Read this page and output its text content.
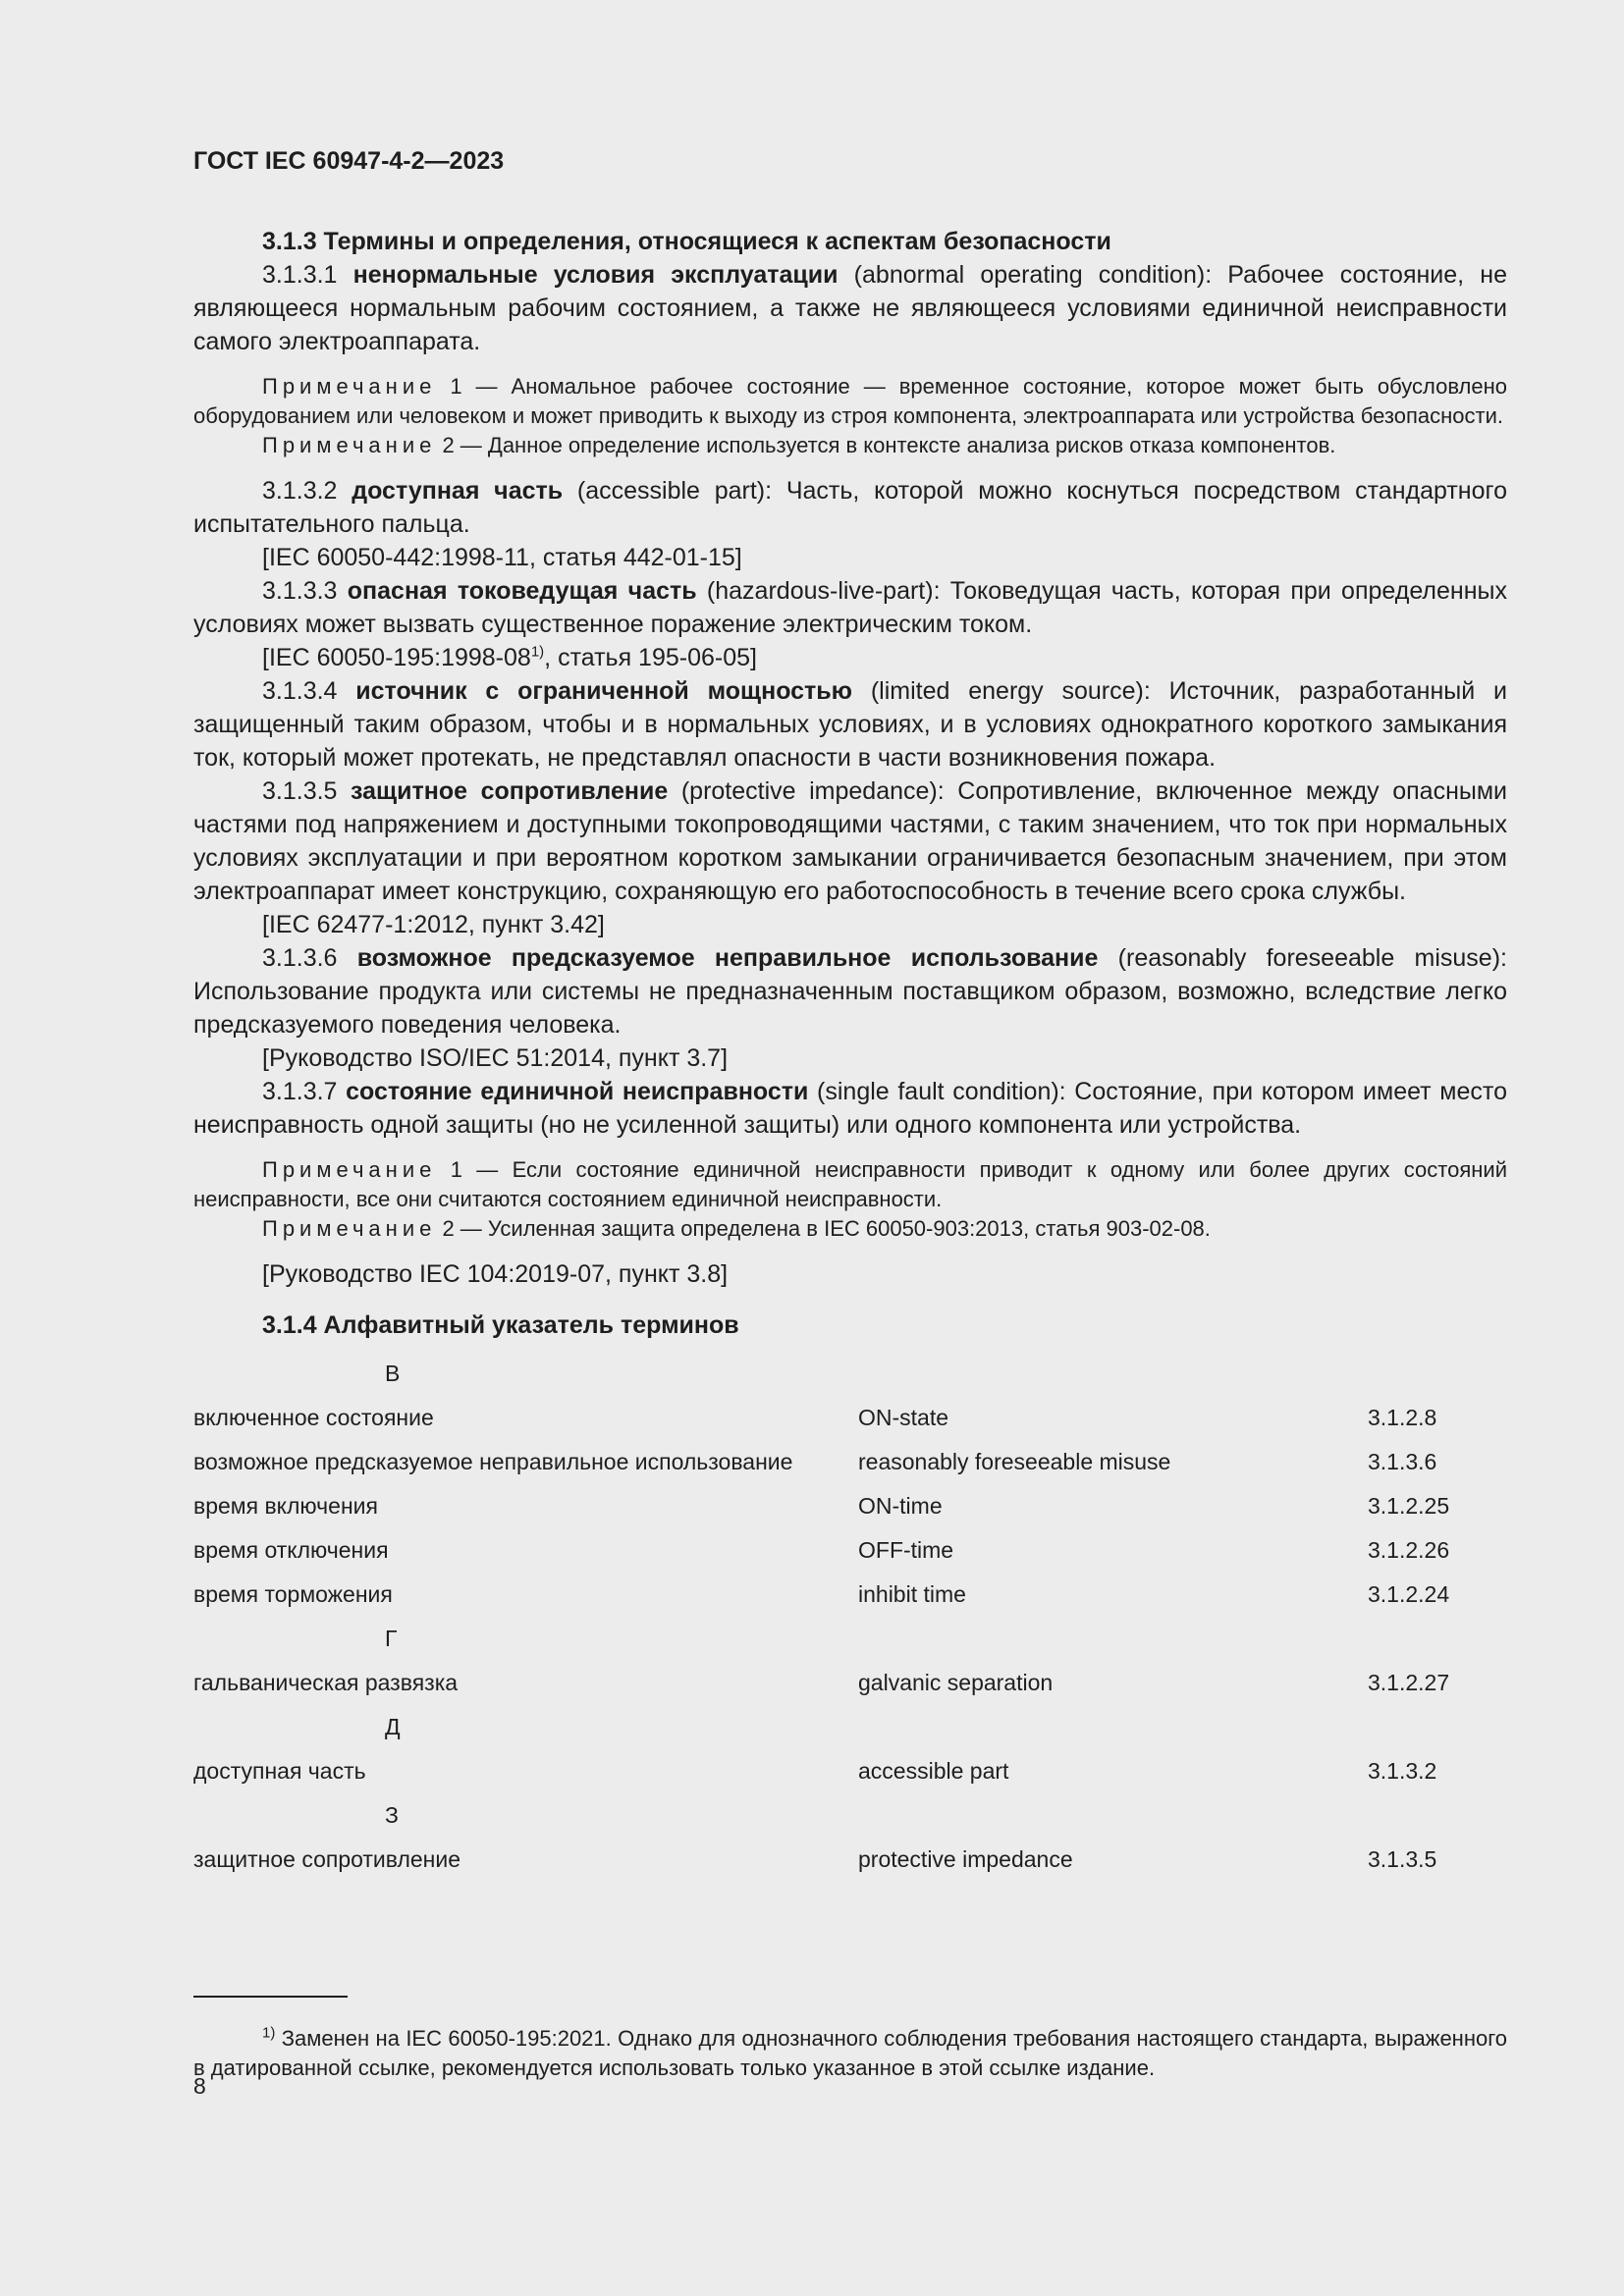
ГОСТ IEC 60947-4-2—2023
3.1.3 Термины и определения, относящиеся к аспектам безопасности

3.1.3.1 ненормальные условия эксплуатации (abnormal operating condition): Рабочее состояние, не являющееся нормальным рабочим состоянием, а также не являющееся условиями единичной неисправности самого электроаппарата.

Примечание 1 — Аномальное рабочее состояние — временное состояние, которое может быть обусловлено оборудованием или человеком и может приводить к выходу из строя компонента, электроаппарата или устройства безопасности.

Примечание 2 — Данное определение используется в контексте анализа рисков отказа компонентов.

3.1.3.2 доступная часть (accessible part): Часть, которой можно коснуться посредством стандартного испытательного пальца.

[IEC 60050-442:1998-11, статья 442-01-15]

3.1.3.3 опасная токоведущая часть (hazardous-live-part): Токоведущая часть, которая при определенных условиях может вызвать существенное поражение электрическим током.

[IEC 60050-195:1998-08$^{1)}$, статья 195-06-05]

3.1.3.4 источник с ограниченной мощностью (limited energy source): Источник, разработанный и защищенный таким образом, чтобы и в нормальных условиях, и в условиях однократного короткого замыкания ток, который может протекать, не представлял опасности в части возникновения пожара.

3.1.3.5 защитное сопротивление (protective impedance): Сопротивление, включенное между опасными частями под напряжением и доступными токопроводящими частями, с таким значением, что ток при нормальных условиях эксплуатации и при вероятном коротком замыкании ограничивается безопасным значением, при этом электроаппарат имеет конструкцию, сохраняющую его работоспособность в течение всего срока службы.

[IEC 62477-1:2012, пункт 3.42]

3.1.3.6 возможное предсказуемое неправильное использование (reasonably foreseeable misuse): Использование продукта или системы не предназначенным поставщиком образом, возможно, вследствие легко предсказуемого поведения человека.

[Руководство ISO/IEC 51:2014, пункт 3.7]

3.1.3.7 состояние единичной неисправности (single fault condition): Состояние, при котором имеет место неисправность одной защиты (но не усиленной защиты) или одного компонента или устройства.

Примечание 1 — Если состояние единичной неисправности приводит к одному или более других состояний неисправности, все они считаются состоянием единичной неисправности.

Примечание 2 — Усиленная защита определена в IEC 60050-903:2013, статья 903-02-08.

[Руководство IEC 104:2019-07, пункт 3.8]

3.1.4 Алфавитный указатель терминов
В
включенное состояние	ON-state	3.1.2.8
возможное предсказуемое неправильное использование	reasonably foreseeable misuse	3.1.3.6
время включения	ON-time	3.1.2.25
время отключения	OFF-time	3.1.2.26
время торможения	inhibit time	3.1.2.24
Г
гальваническая развязка	galvanic separation	3.1.2.27
Д
доступная часть	accessible part	3.1.3.2
З
защитное сопротивление	protective impedance	3.1.3.5

$^{1)}$ Заменен на IEC 60050-195:2021. Однако для однозначного соблюдения требования настоящего стандарта, выраженного в датированной ссылке, рекомендуется использовать только указанное в этой ссылке издание.

8
